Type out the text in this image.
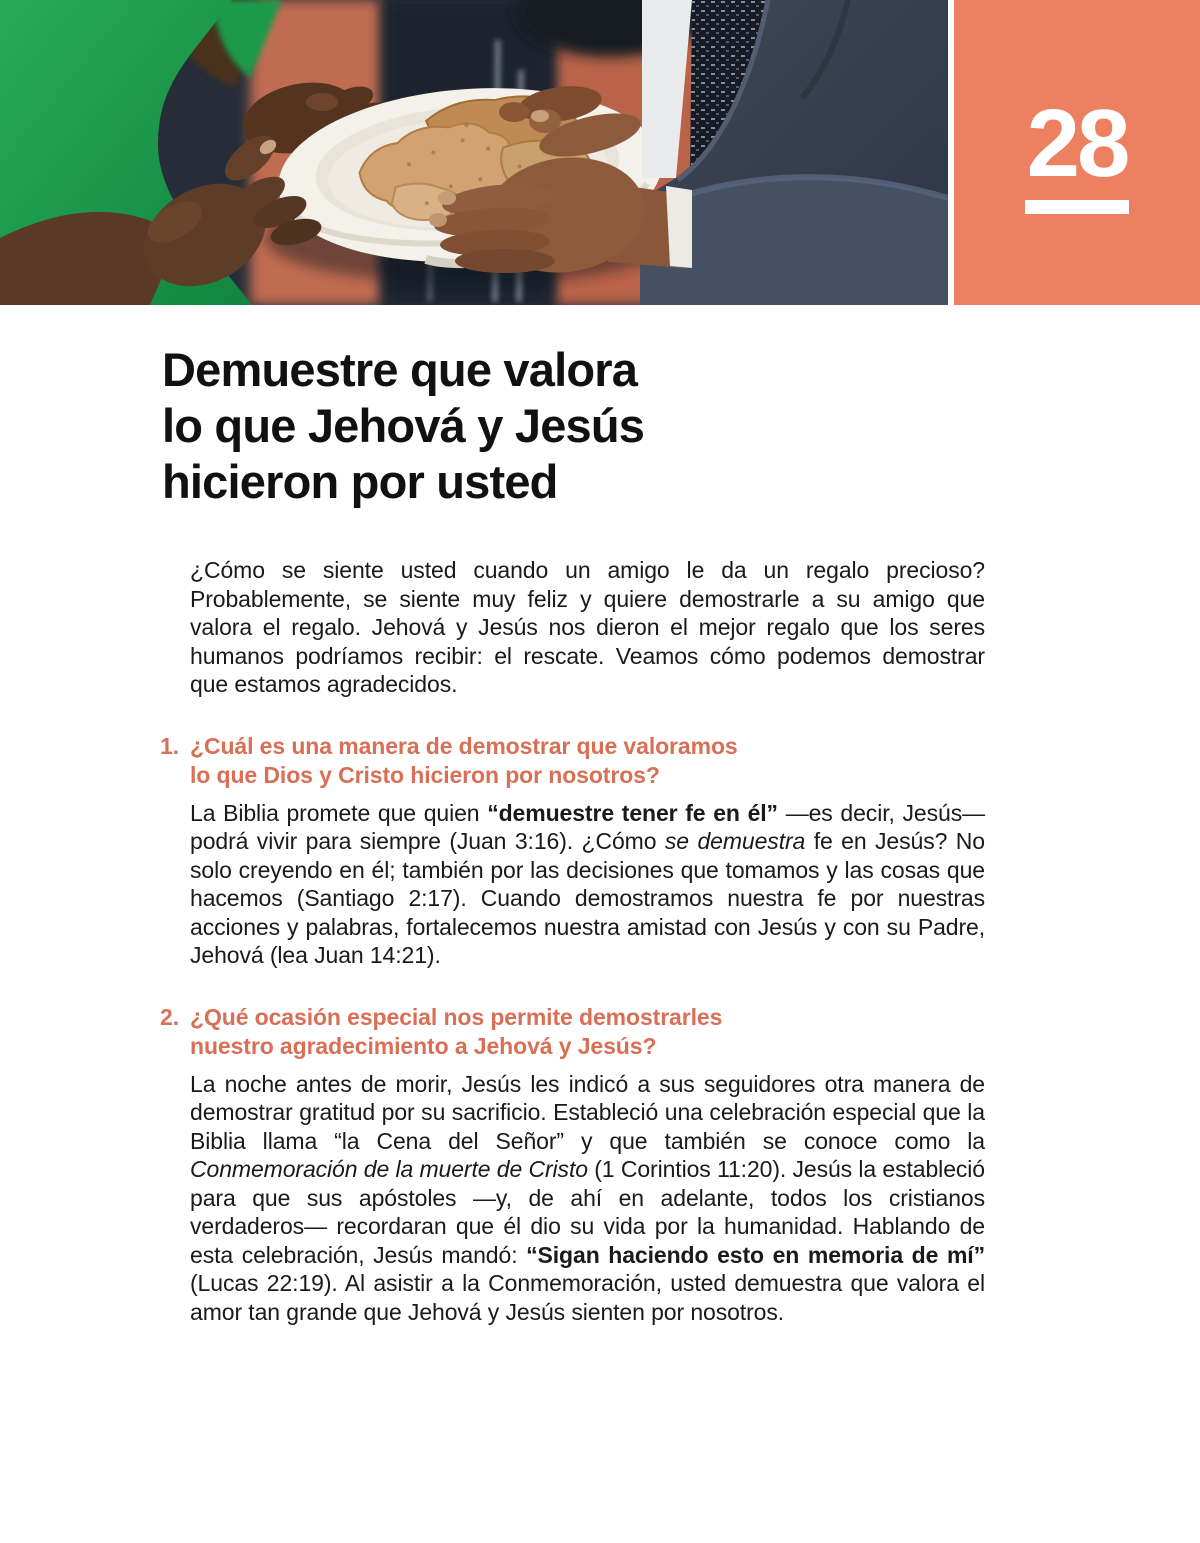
28
Demuestre que valora
lo que Jehová y Jesús
hicieron por usted

¿Cómo se siente usted cuando un amigo le da un regalo precioso? Probablemente, se siente muy feliz y quiere demostrarle a su amigo que valora el regalo. Jehová y Jesús nos dieron el mejor regalo que los seres humanos podríamos recibir: el rescate. Veamos cómo podemos demostrar que estamos agradecidos.

1. ¿Cuál es una manera de demostrar que valoramos
lo que Dios y Cristo hicieron por nosotros?

La Biblia promete que quien “demuestre tener fe en él” —es decir, Jesús— podrá vivir para siempre (Juan 3:16). ¿Cómo se demuestra fe en Jesús? No solo creyendo en él; también por las decisiones que tomamos y las cosas que hacemos (Santiago 2:17). Cuando demostramos nuestra fe por nuestras acciones y palabras, fortalecemos nuestra amistad con Jesús y con su Padre, Jehová (lea Juan 14:21).

2. ¿Qué ocasión especial nos permite demostrarles
nuestro agradecimiento a Jehová y Jesús?

La noche antes de morir, Jesús les indicó a sus seguidores otra manera de demostrar gratitud por su sacrificio. Estableció una celebración especial que la Biblia llama “la Cena del Señor” y que también se conoce como la Conmemoración de la muerte de Cristo (1 Corintios 11:20). Jesús la estableció para que sus apóstoles —y, de ahí en adelante, todos los cristianos verdaderos— recordaran que él dio su vida por la humanidad. Hablando de esta celebración, Jesús mandó: “Sigan haciendo esto en memoria de mí” (Lucas 22:19). Al asistir a la Conmemoración, usted demuestra que valora el amor tan grande que Jehová y Jesús sienten por nosotros.
